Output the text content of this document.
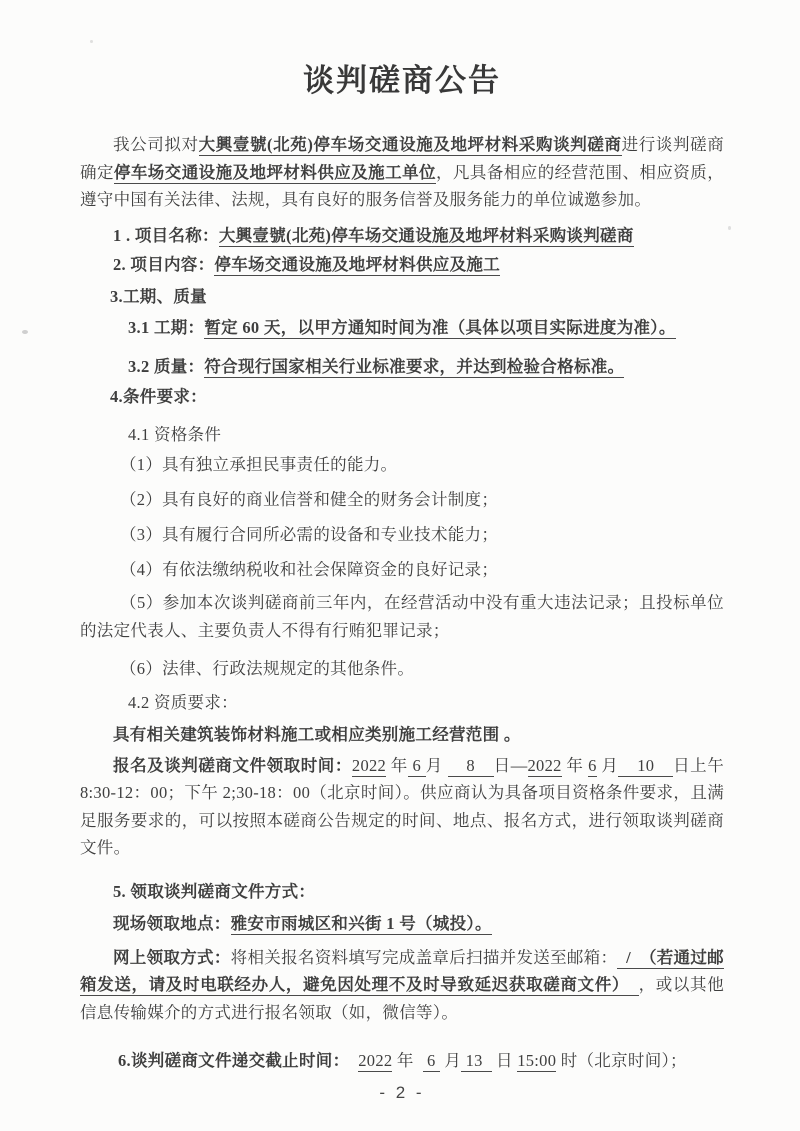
谈判磋商公告

我公司拟对大興壹號(北苑)停车场交通设施及地坪材料采购谈判磋商进行谈判磋商确定停车场交通设施及地坪材料供应及施工单位，凡具备相应的经营范围、相应资质，遵守中国有关法律、法规，具有良好的服务信誉及服务能力的单位诚邀参加。

1 . 项目名称：大興壹號(北苑)停车场交通设施及地坪材料采购谈判磋商

2. 项目内容：停车场交通设施及地坪材料供应及施工

3.工期、质量

3.1 工期：暂定 60 天，以甲方通知时间为准（具体以项目实际进度为准）。

3.2 质量：符合现行国家相关行业标准要求，并达到检验合格标准。

4.条件要求：

4.1 资格条件

（1）具有独立承担民事责任的能力。

（2）具有良好的商业信誉和健全的财务会计制度；

（3）具有履行合同所必需的设备和专业技术能力；

（4）有依法缴纳税收和社会保障资金的良好记录；

（5）参加本次谈判磋商前三年内，在经营活动中没有重大违法记录；且投标单位的法定代表人、主要负责人不得有行贿犯罪记录；

（6）法律、行政法规规定的其他条件。

4.2 资质要求：

具有相关建筑装饰材料施工或相应类别施工经营范围 。

报名及谈判磋商文件领取时间：2022 年 6 月     8    日—2022 年 6 月    10    日上午8:30-12：00；下午 2;30-18：00（北京时间）。供应商认为具备项目资格条件要求，且满足服务要求的，可以按照本磋商公告规定的时间、地点、报名方式，进行领取谈判磋商文件。

5. 领取谈判磋商文件方式：

现场领取地点：雅安市雨城区和兴街 1 号（城投）。

网上领取方式：将相关报名资料填写完成盖章后扫描并发送至邮箱：  /  （若通过邮箱发送，请及时电联经办人，避免因处理不及时导致延迟获取磋商文件）  ，或以其他信息传输媒介的方式进行报名领取（如，微信等）。

6.谈判磋商文件递交截止时间： 2022 年   6  月 13   日 15:00 时（北京时间）；

- 2 -
